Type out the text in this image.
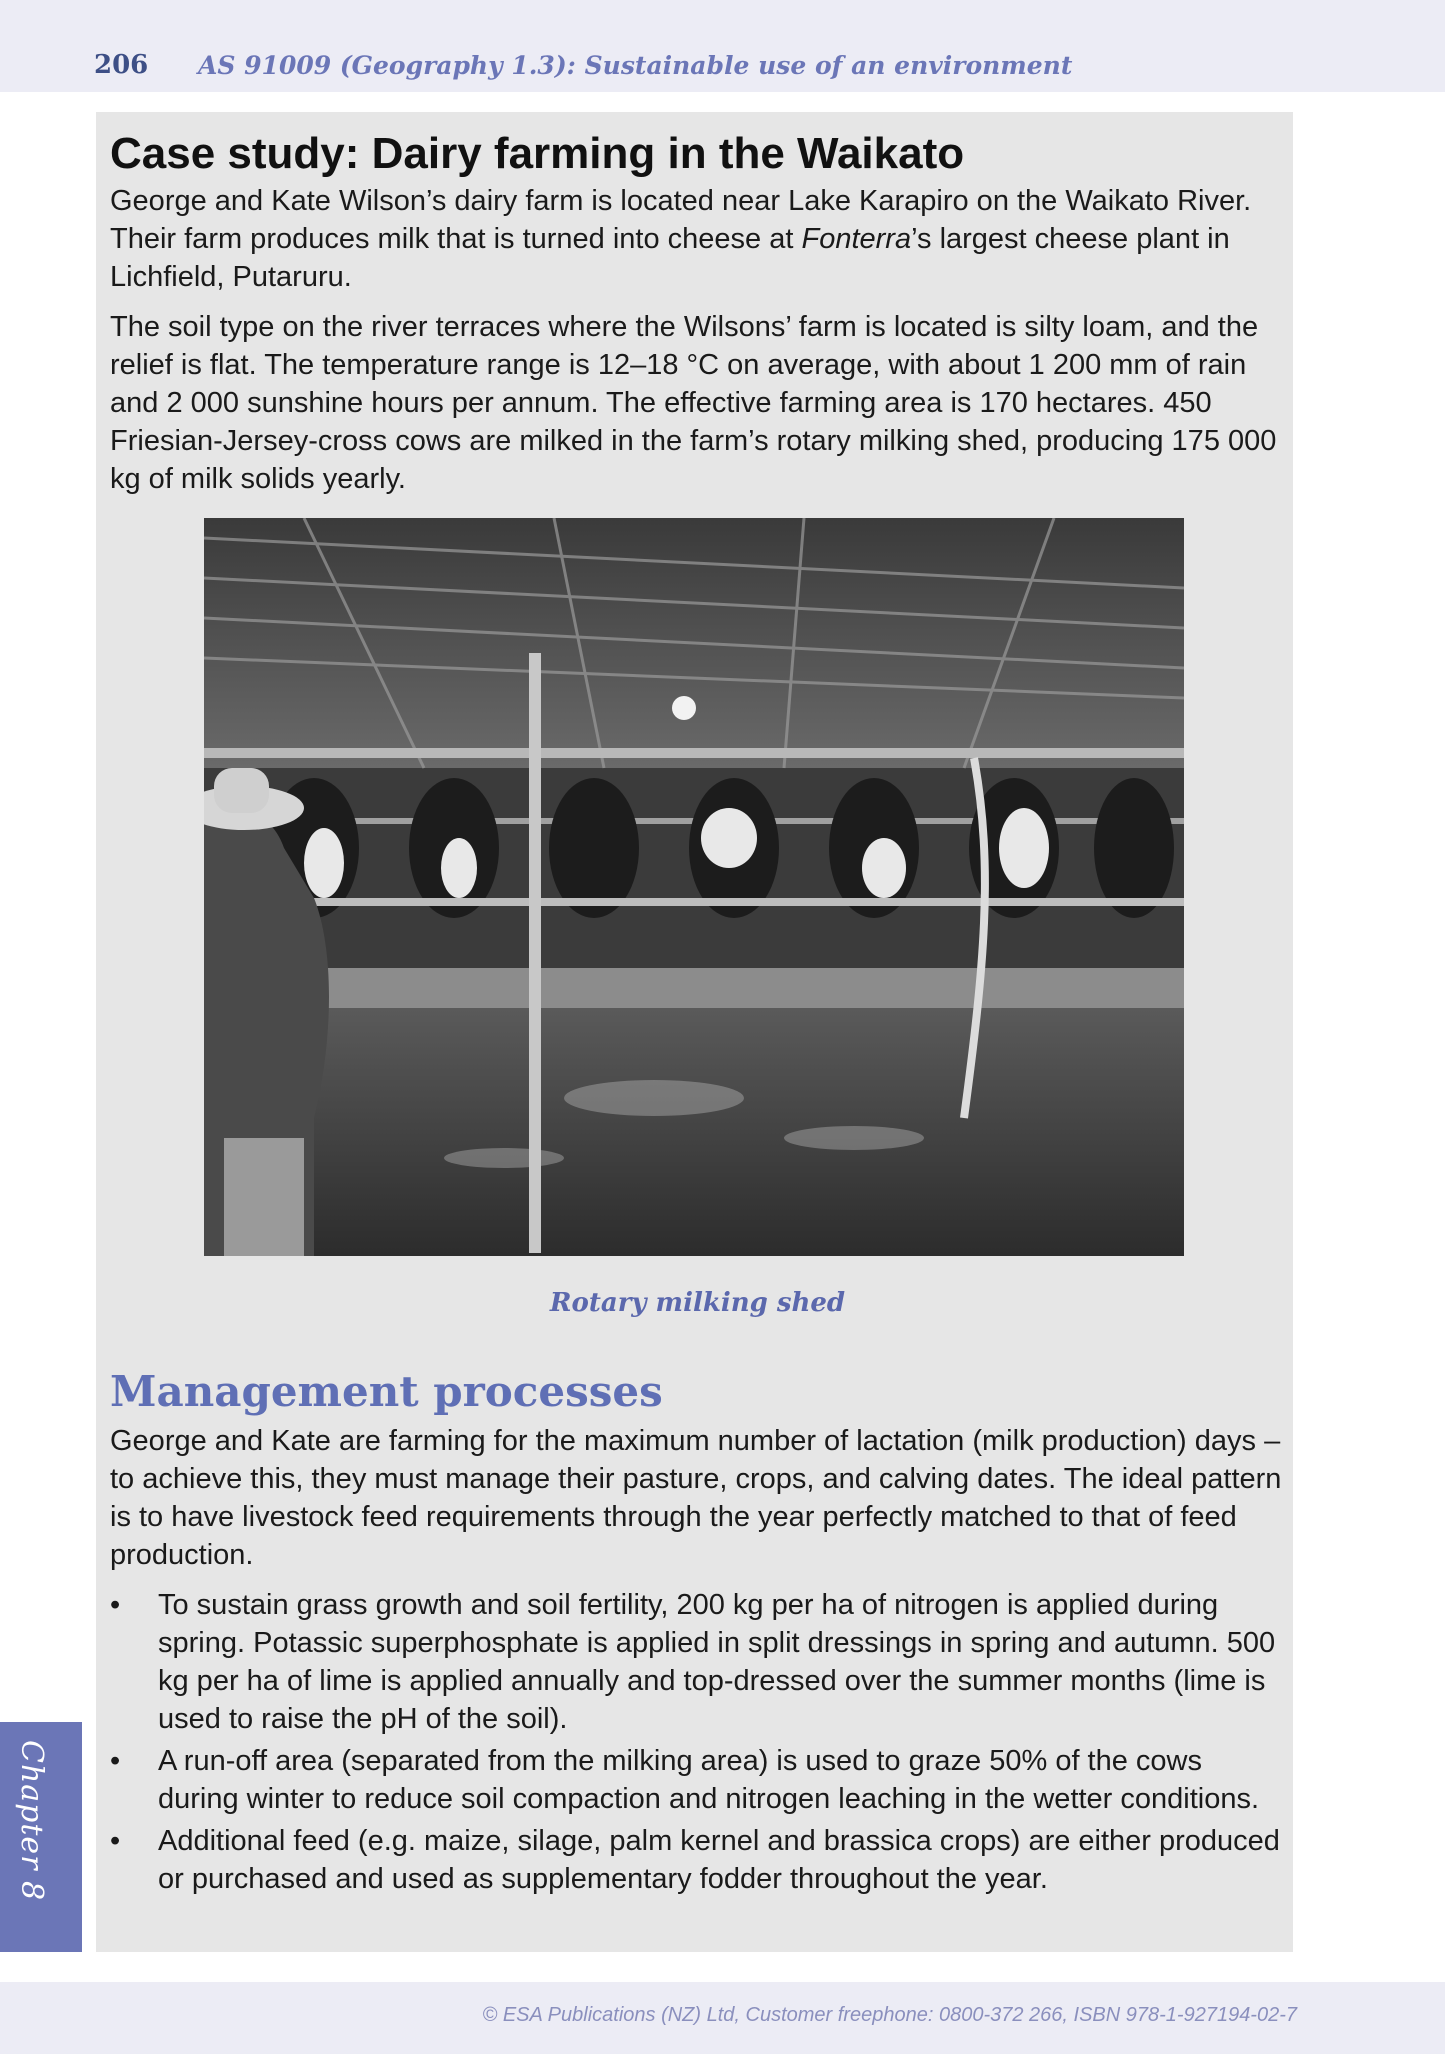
206 AS 91009 (Geography 1.3): Sustainable use of an environment
Case study: Dairy farming in the Waikato

George and Kate Wilson’s dairy farm is located near Lake Karapiro on the Waikato River. Their farm produces milk that is turned into cheese at Fonterra’s largest cheese plant in Lichfield, Putaruru.

The soil type on the river terraces where the Wilsons’ farm is located is silty loam, and the relief is flat. The temperature range is 12–18 °C on average, with about 1 200 mm of rain and 2 000 sunshine hours per annum. The effective farming area is 170 hectares. 450 Friesian-Jersey-cross cows are milked in the farm’s rotary milking shed, producing 175 000 kg of milk solids yearly.

Rotary milking shed
Management processes

George and Kate are farming for the maximum number of lactation (milk production) days – to achieve this, they must manage their pasture, crops, and calving dates. The ideal pattern is to have livestock feed requirements through the year perfectly matched to that of feed production.

•	To sustain grass growth and soil fertility, 200 kg per ha of nitrogen is applied during spring. Potassic superphosphate is applied in split dressings in spring and autumn. 500 kg per ha of lime is applied annually and top-dressed over the summer months (lime is used to raise the pH of the soil).
•	A run-off area (separated from the milking area) is used to graze 50% of the cows during winter to reduce soil compaction and nitrogen leaching in the wetter conditions.
•	Additional feed (e.g. maize, silage, palm kernel and brassica crops) are either produced or purchased and used as supplementary fodder throughout the year.
Chapter 8
© ESA Publications (NZ) Ltd, Customer freephone: 0800-372 266, ISBN 978-1-927194-02-7
